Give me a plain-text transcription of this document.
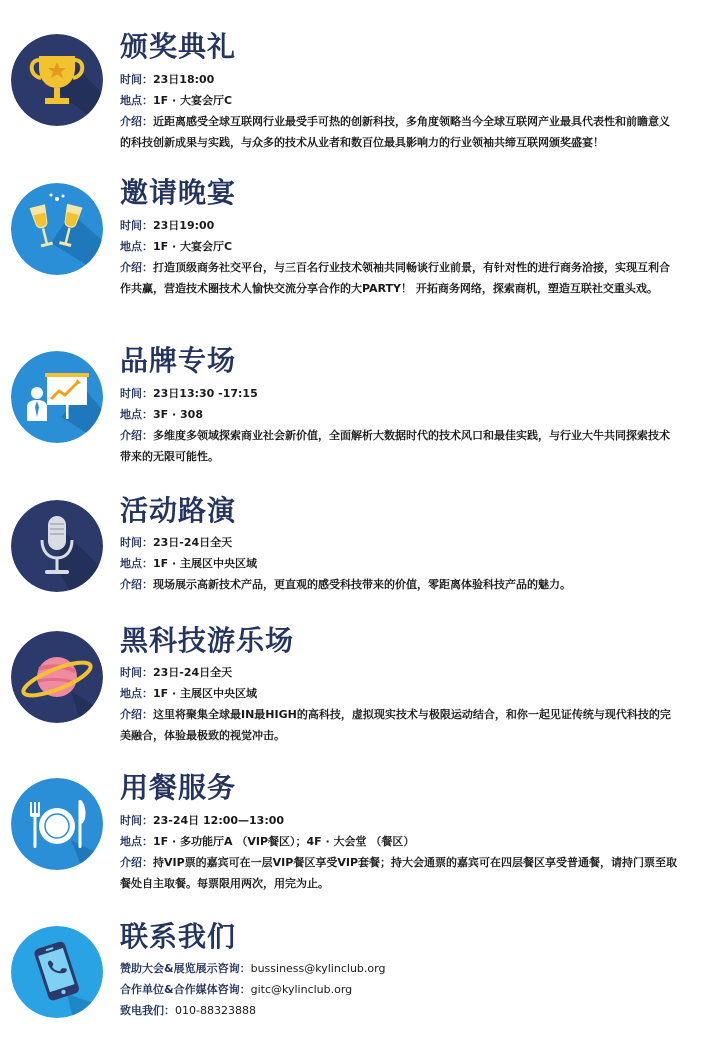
颁奖典礼
时间：23日18:00
地点：1F · 大宴会厅C
介绍：近距离感受全球互联网行业最受手可热的创新科技，多角度领略当今全球互联网产业最具代表性和前瞻意义的科技创新成果与实践，与众多的技术从业者和数百位最具影响力的行业领袖共缔互联网颁奖盛宴！
邀请晚宴
时间：23日19:00
地点：1F · 大宴会厅C
介绍：打造顶级商务社交平台，与三百名行业技术领袖共同畅谈行业前景，有针对性的进行商务洽接，实现互利合作共赢，营造技术圈技术人愉快交流分享合作的大PARTY！ 开拓商务网络，探索商机，塑造互联社交重头戏。
品牌专场
时间：23日13:30 -17:15
地点：3F · 308
介绍：多维度多领域探索商业社会新价值，全面解析大数据时代的技术风口和最佳实践，与行业大牛共同探索技术带来的无限可能性。
活动路演
时间：23日-24日全天
地点：1F · 主展区中央区域
介绍：现场展示高新技术产品，更直观的感受科技带来的价值，零距离体验科技产品的魅力。
黑科技游乐场
时间：23日-24日全天
地点：1F · 主展区中央区域
介绍：这里将聚集全球最IN最HIGH的高科技，虚拟现实技术与极限运动结合，和你一起见证传统与现代科技的完美融合，体验最极致的视觉冲击。
用餐服务
时间：23-24日 12:00—13:00
地点：1F · 多功能厅A （VIP餐区）；4F · 大会堂 （餐区）
介绍：持VIP票的嘉宾可在一层VIP餐区享受VIP套餐；持大会通票的嘉宾可在四层餐区享受普通餐，请持门票至取餐处自主取餐。每票限用两次，用完为止。
联系我们
赞助大会&展览展示咨询：bussiness@kylinclub.org
合作单位&合作媒体咨询：gitc@kylinclub.org
致电我们：010-88323888
